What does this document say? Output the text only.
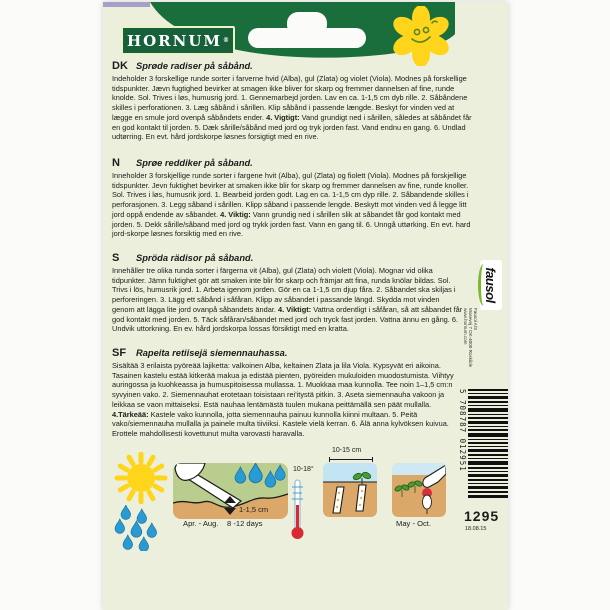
HORNUM ®
DK Sprøde radiser på såbånd.

Indeholder 3 forskellige runde sorter i farverne hvid (Alba), gul (Zlata) og violet (Viola). Modnes på forskellige tidspunkter. Jævn fugtighed bevirker at smagen ikke bliver for skarp og fremmer dannelsen af fine, runde knolde. Sol. Trives i løs, humusrig jord. 1. Gennemarbejd jorden. Lav en ca. 1-1,5 cm dyb rille. 2. Såbåndene skilles i perforationen. 3. Læg såbånd i sårillen. Klip såbånd i passende længde. Beskyt for vinden ved at lægge en smule jord ovenpå såbåndets ender. 4. Vigtigt: Vand grundigt ned i sårillen, således at såbåndet får en god kontakt til jorden. 5. Dæk sårille/såbånd med jord og tryk jorden fast. Vand endnu en gang. 6. Undlad udtørring. En evt. hård jordskorpe løsnes forsigtigt med en rive.

N	Sprøe reddiker på såband.

Inneholder 3 forskjellige runde sorter i fargene hvit (Alba), gul (Zlata) og fiolett (Viola). Modnes på forskjellige tidspunkter. Jevn fuktighet bevirker at smaken ikke blir for skarp og fremmer dannelsen av fine, runde knoller. Sol. Trives i løs, humusrik jord. 1. Bearbeid jorden godt. Lag en ca. 1-1,5 cm dyp rille. 2. Såbandende skilles i perforasjonen. 3. Legg såband i sårillen. Klipp såband i passende lengde. Beskytt mot vinden ved å legge litt jord oppå endende av såbandet. 4. Viktig: Vann grundig ned i sårillen slik at såbandet får god kontakt med jorden. 5. Dekk sårille/såband med jord og trykk jorden fast. Vann en gang til. 6. Unngå uttørking. En evt. hard jord-skorpe løsnes forsiktig med en rive.

S	Spröda rädisor på såband.

Innehåller tre olika runda sorter i färgerna vit (Alba), gul (Zlata) och violett (Viola). Mognar vid olika tidpunkter. Jämn fuktighet gör att smaken inte blir för skarp och främjar att fina, runda knölar bildas. Sol. Trivs i lös, humusrik jord. 1. Arbeta igenom jorden. Gör en ca 1-1,5 cm djup fåra. 2. Såbandet ska skiljas i perforeringen. 3. Lägg ett såbånd i såfåran. Klipp av såbandet i passande längd. Skydda mot vinden genom att lägga lite jord ovanpå såbandets ändar. 4. Viktigt: Vattna ordentligt i såfåran, så att såbandet får god kontakt med jorden. 5. Täck såfåran/såbandet med jord och tryck fast jorden. Vattna ännu en gång. 6. Undvik uttorkning. En ev. hård jordskorpa lossas försiktigt med en kratta.

SF	Rapeita retiisejä siemennauhassa.

Sisältää 3 erilaista pyöreää lajiketta: valkoinen Alba, keltainen Zlata ja lila Viola. Kypsyvät eri aikoina. Tasainen kastelu estää kitkerää makua ja edistää pienten, pyöreiden mukuloiden muodostumista. Viihtyy auringossa ja kuohkeassa ja humuspitoisessa mullassa. 1. Muokkaa maa kunnolla. Tee noin 1–1,5 cm:n syvyinen vako. 2. Siemennauhat erotetaan toisistaan rei'itystä pitkin. 3. Aseta siemennauha vakoon ja leikkaa se vaon mittaiseksi. Estä nauhaa lentämästä tuulen mukana peittämällä sen päät mullalla. 4.Tärkeää: Kastele vako kunnolla, jotta siemennauha painuu kunnolla kiinni multaan. 5. Peitä vako/siemennauha mullalla ja painele multa tiiviiksi. Kastele vielä kerran. 6. Älä anna kylvöksen kuivua. Erottele mahdollisesti kovettunut multa varovasti haravalla.

1-1,5 cm
Apr. - Aug. 8 -12 days
10-18°
10-15 cm
May - Oct.
fausol
Fausol A/S
Mosevej 7 DK-4000 Roskilde
www.hornum.com
5 708787 012951
1295
18.08.15
